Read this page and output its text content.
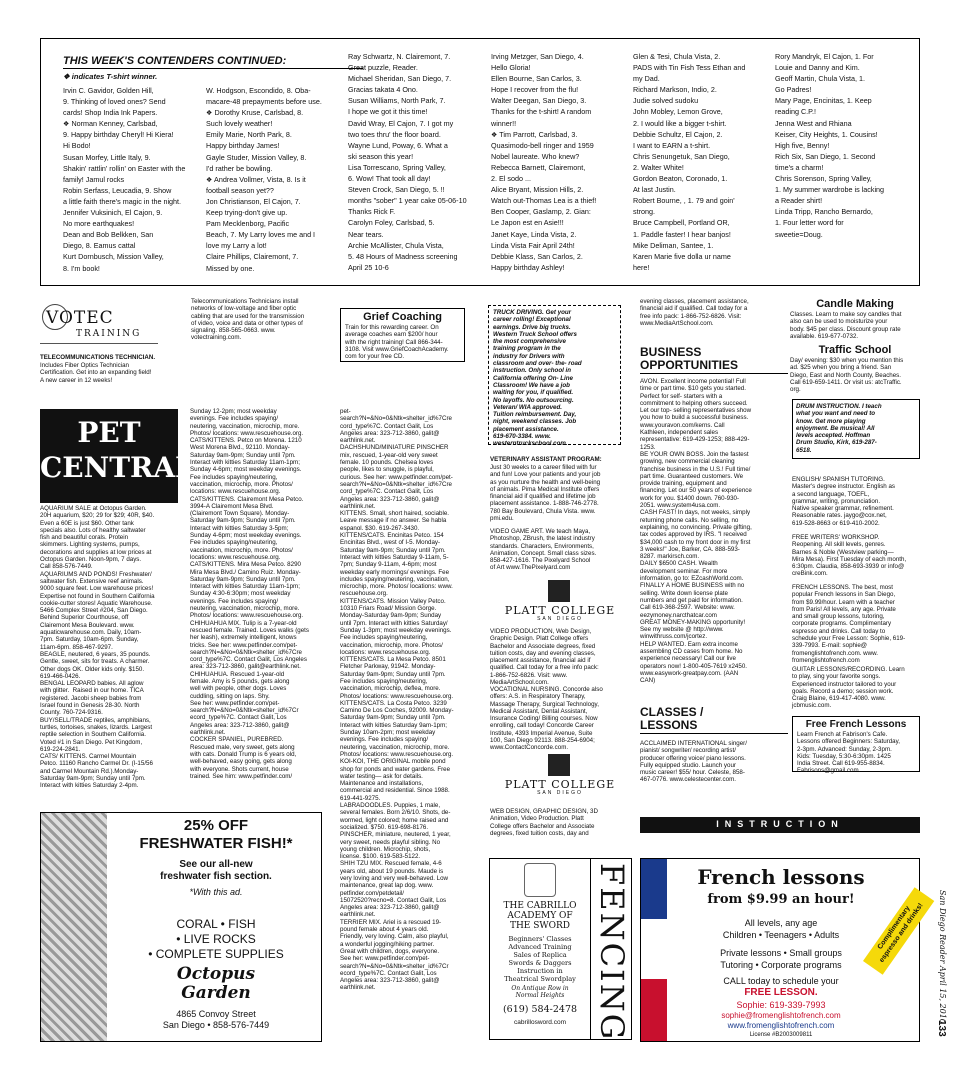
THIS WEEK'S CONTENDERS CONTINUED:
❖ indicates T-shirt winner.
Irvin C. Gavidor, Golden Hill,
9. Thinking of loved ones? Send
cards! Shop India Ink Papers.
❖ Norman Kenney, Carlsbad,
9. Happy birthday Cheryl! Hi Kiera!
Hi Bodo!
Susan Morfey, Little Italy, 9.
Shakin' rattlin' rollin' on Easter with the
family! Jamul rocks
Robin Serfass, Leucadia, 9. Show
a little faith there's magic in the night.
Jennifer Vuksinich, El Cajon, 9.
No more earthquakes!
Dean and Bob Belkken, San
Diego, 8. Eamus cattal
Kurt Dornbusch, Mission Valley,
8. I'm book!
W. Hodgson, Escondido, 8. Oba-
macare-48 prepayments before use.
❖ Dorothy Kruse, Carlsbad, 8.
Such lovely weather!
Emily Marie, North Park, 8.
Happy birthday James!
Gayle Studer, Mission Valley, 8.
I'd rather be bowling.
❖ Andrea Vollmer, Vista, 8. Is it
football season yet??
Jon Christianson, El Cajon, 7.
Keep trying-don't give up.
Pam Mecklenborg, Pacific
Beach, 7. My Larry loves me and I
love my Larry a lot!
Claire Phillips, Clairemont, 7.
Missed by one.
Ray Schwartz, N. Clairemont, 7.
Great puzzle, Reader.
Michael Sheridan, San Diego, 7.
Gracias takata 4 Ono.
Susan Williams, North Park, 7.
I hope we got it this time!
David Wray, El Cajon, 7. I got my
two toes thru' the floor board.
Wayne Lund, Poway, 6. What a
ski season this year!
Lisa Torrescano, Spring Valley,
6. Wow! That took all day!
Steven Crock, San Diego, 5. !!
months "sober" 1 year cake 05-06-10
Thanks Rick F.
Carolyn Foley, Carlsbad, 5.
Near tears.
Archie McAllister, Chula Vista,
5. 48 Hours of Madness screening
April 25 10-6
Irving Metzger, San Diego, 4.
Hello Gloria!
Ellen Bourne, San Carlos, 3.
Hope I recover from the flu!
Walter Deegan, San Diego, 3.
Thanks for the t-shirt! A random
winner!!
❖ Tim Parrott, Carlsbad, 3.
Quasimodo-bell ringer and 1959
Nobel laureate. Who knew?
Rebecca Barnett, Clairemont,
2. El sodo ...
Alice Bryant, Mission Hills, 2.
Watch out-Thomas Lea is a thief!
Ben Cooper, Gaslamp, 2. Gian:
Le Japon est en Asie!!!
Janet Kaye, Linda Vista, 2.
Linda Vista Fair April 24th!
Debbie Klass, San Carlos, 2.
Happy birthday Ashley!
Glen & Tesi, Chula Vista, 2.
PADS with Tin Fish Tess Ethan and
my Dad.
Richard Markson, Indio, 2.
Judie solved sudoku
John Mobley, Lemon Grove,
2. I would like a bigger t-shirt.
Debbie Schultz, El Cajon, 2.
I want to EARN a t-shirt.
Chris Senungetuk, San Diego,
2. Walter White!
Gordon Beaton, Coronado, 1.
At last Justin.
Robert Bourne, , 1. 79 and goin'
strong.
Bruce Campbell, Portland OR,
1. Paddle faster! I hear banjos!
Mike Deliman, Santee, 1.
Karen Marie five dolla ur name
here!
Rory Mandryk, El Cajon, 1. For
Louie and Danny and Kim.
Geoff Martin, Chula Vista, 1.
Go Padres!
Mary Page, Encinitas, 1. Keep
reading C.P.!
Jenna West and Rhiana
Keiser, City Heights, 1. Cousins!
High five, Benny!
Rich Six, San Diego, 1. Second
time's a charm!
Chris Sorenson, Spring Valley,
1. My summer wardrobe is lacking
a Reader shirt!
Linda Tripp, Rancho Bernardo,
1. Four letter word for
sweetie=Doug.
VOTEC
TRAINING
TELECOMMUNICATIONS TECHNICIAN.
Includes Fiber Optics Technician
Certification. Get into an expanding field!
A new career in 12 weeks!
Telecommunications Technicians install
networks of low-voltage and fiber optic
cabling that are used for the transmission
of video, voice and data or other types of
signaling. 858-565-0663. www.
votectraining.com.
Grief Coaching
Train for this rewarding career. On
average coaches earn $200/ hour
with the right training! Call 866-344-
3108. Visit www.GriefCoachAcademy.
com for your free CD.
TRUCK DRIVING. Get your
career rolling! Exceptional
earnings. Drive big trucks.
Western Truck School offers
the most comprehensive
training program in the
industry for Drivers with
classroom and over- the- road
instruction. Only school in
California offering On- Line
Classroom! We have a job
waiting for you, if qualified.
No layoffs. No outsourcing.
Veteran/ WIA approved.
Tuition reimbursement. Day,
night, weekend classes. Job
placement assistance.
619-670-3384. www.
westerntruckschool.com.
evening classes, placement assistance,
financial aid if qualified. Call today for a
free info pack: 1-866-752-6826. Visit:
www.MediaArtSchool.com.
Candle Making
Classes. Learn to make soy candles that
also can be used to moisturize your
body. $45 per class. Discount group rate
available. 619-677-0732.
Traffic School
Day/ evening: $30 when you mention this
ad. $25 when you bring a friend. San
Diego, East and North County, Beaches.
Call 619-659-1411. Or visit us: atcTraffic.
org.
PET
CENTRAL
AQUARIUM SALE at Octopus Garden.
20H aquarium, $20; 29 for $29; 40R, $40.
Even a 60E is just $60. Other tank
specials also. Lots of healthy saltwater
fish and beautiful corals. Protein
skimmers. Lighting systems, pumps,
decorations and supplies at low prices at
Octopus Garden. Noon-9pm, 7 days.
Call 858-576-7449.
AQUARIUMS AND PONDS! Freshwater/
saltwater fish. Extensive reef animals.
9000 square feet. Low warehouse prices!
Expertise not found in Southern California
cookie-cutter stores! Aquatic Warehouse.
5466 Complex Street #204, San Diego.
Behind Superior Courthouse, off
Clairemont Mesa Boulevard. www.
aquaticwarehouse.com. Daily, 10am-
7pm. Saturday, 10am-6pm. Sunday,
11am-6pm. 858-467-9297.
BEAGLE, neutered, 6 years, 35 pounds.
Gentle, sweet, sits for treats. A charmer.
Other dogs OK. Older kids only. $150.
619-466-0426.
BENGAL LEOPARD babies. All aglow
with glitter.  Raised in our home. TICA
registered. Jacobi sheep babies from
Israel found in Genesis 28-30. North
County. 760-724-9316.
BUY/SELL/TRADE reptiles, amphibians,
turtles, tortoises, snakes, lizards. Largest
reptile selection in Southern California.
Voted #1 in San Diego. Pet Kingdom,
619-224-2841.
CATS/ KITTENS. Carmel Mountain
Petco. 11160 Rancho Carmel Dr. (I-15/56
and Carmel Mountain Rd.).Monday-
Saturday 9am-9pm; Sunday until 7pm.
Interact with kitties Saturday 2-4pm.
Sunday 12-2pm; most weekday
evenings. Fee includes spaying/
neutering, vaccination, microchip, more.
Photos/ locations: www.rescuehouse.org.
CATS/KITTENS. Petco on Morena. 1210
West Morena Blvd., 92110. Monday-
Saturday 9am-9pm; Sunday until 7pm.
Interact with kitties Saturday 11am-1pm;
Sunday 4-6pm; most weekday evenings.
Fee includes spaying/neutering,
vaccination, microchip, more. Photos/
locations: www.rescuehouse.org.
CATS/KITTENS. Clairemont Mesa Petco.
3994-A Clairemont Mesa Blvd.
(Clairemont Town Square). Monday-
Saturday 9am-9pm; Sunday until 7pm.
Interact with kitties Saturday 3-5pm;
Sunday 4-6pm; most weekday evenings.
Fee includes spaying/neutering,
vaccination, microchip, more. Photos/
locations: www.rescuehouse.org.
CATS/KITTENS. Mira Mesa Petco. 8290
Mira Mesa Blvd./ Camino Ruiz. Monday-
Saturday 9am-9pm; Sunday until 7pm.
Interact with kitties Saturday 11am-1pm;
Sunday 4:30-6:30pm; most weekday
evenings. Fee includes spaying/
neutering, vaccination, microchip, more.
Photos/ locations: www.rescuehouse.org.
CHIHUAHUA MIX. Tulip is a 7-year-old
rescued female. Trained. Loves walks (gets
her leash), extremely intelligent, knows
tricks. See her: www.petfinder.com/pet-
search?N=&No=0&Ntk=shelter_id%7Cre
cord_type%7C. Contact Galit, Los Angeles
area: 323-712-3860, galit@earthlink.net.
CHIHUAHUA. Rescued 1-year-old
female. Amy is 5 pounds, gets along
well with people, other dogs. Loves
cuddling, sitting on laps. Shy.
See her: www.petfinder.com/pet-
search?N=&No=0&Ntk=shelter_id%7Cr
ecord_type%7C. Contact Galit, Los
Angeles area: 323-712-3860, galit@
earthlink.net.
COCKER SPANIEL, PUREBRED.
Rescued male, very sweet, gets along
with cats. Donald Trump is 6 years old,
well-behaved, easy going, gets along
with everyone. Shots current, house
trained. See him: www.petfinder.com/
pet-
search?N=&No=0&Ntk=shelter_id%7Cre
cord_type%7C. Contact Galit, Los
Angeles area: 323-712-3860, galit@
earthlink.net.
DACHSHUND/MINIATURE PINSCHER
mix, rescued, 1-year-old very sweet
female. 10 pounds. Chelsea loves
people, likes to snuggle, is playful,
curious. See her: www.petfinder.com/pet-
search?N=&No=0&Ntk=shelter_id%7Cre
cord_type%7C. Contact Galit, Los
Angeles area: 323-712-3860, galit@
earthlink.net.
KITTENS. Small, short haired, sociable.
Leave message if no answer. Se habla
espanol. $30. 619-267-3430.
KITTENS/CATS. Encinitas Petco. 154
Encinitas Blvd., west of I-5. Monday-
Saturday 9am-9pm; Sunday until 7pm.
Interact with kitties Saturday 9-11am, 5-
7pm; Sunday 9-11am, 4-6pm; most
weekday early mornings/ evenings. Fee
includes spaying/neutering, vaccination,
microchip, more. Photos/ locations: www.
rescuehouse.org.
KITTENS/CATS. Mission Valley Petco.
10310 Friars Road/ Mission Gorge.
Monday-Saturday 9am-9pm; Sunday
until 7pm. Interact with kitties Saturday/
Sunday 1-3pm; most weekday evenings.
Fee includes spaying/neutering,
vaccination, microchip, more. Photos/
locations: www.rescuehouse.org.
KITTENS/CATS. La Mesa Petco. 8501
Fletcher Parkway, 91942. Monday-
Saturday 9am-9pm; Sunday until 7pm.
Fee includes spaying/neutering,
vaccination, microchip, deflea, more.
Photos/ locations: www.rescuehouse.org.
KITTENS/CATS. La Costa Petco. 3239
Camino De Los Coches, 92009. Monday-
Saturday 9am-9pm; Sunday until 7pm.
Interact with kitties Saturday 9am-1pm;
Sunday 10am-2pm; most weekday
evenings. Fee includes spaying/
neutering, vaccination, microchip, more.
Photos/ locations: www.rescuehouse.org.
KOI-KOI, THE ORIGINAL mobile pond
shop for ponds and water gardens. Free
water testing— ask for details.
Maintenance and installations,
commercial and residential. Since 1988.
619-441-9275.
LABRADOODLES. Puppies, 1 male,
several females. Born 2/6/10. Shots, de-
wormed, light colored; home raised and
socialized. $750. 619-698-8176.
PINSCHER, miniature, neutered, 1 year,
very sweet, needs playful sibling. No
young children. Microchip, shots,
license. $100. 619-583-5122.
SHIH TZU MIX. Rescued female, 4-6
years old, about 19 pounds. Maude is
very loving and very well-behaved. Low
maintenance, great lap dog. www.
petfinder.com/petdetail/
15072520?recno=8. Contact Galit, Los
Angeles area: 323-712-3860, galit@
earthlink.net.
TERRIER MIX. Ariel is a rescued 19-
pound female about 4 years old.
Friendly, very loving. Calm, also playful,
a wonderful jogging/hiking partner.
Great with children, dogs, everyone.
See her: www.petfinder.com/pet-
search?N=&No=0&Ntk=shelter_id%7Cr
ecord_type%7C. Contact Galit, Los
Angeles area: 323-712-3860, galit@
earthlink.net.
25% OFF
FRESHWATER FISH!*
See our all-new
freshwater fish section.
*With this ad.
CORAL • FISH
• LIVE ROCKS
• COMPLETE SUPPLIES
Octopus
Garden
4865 Convoy Street
San Diego • 858-576-7449
VETERINARY ASSISTANT PROGRAM:
Just 30 weeks to a career filled with fur
and fun! Love your patients and your job
as you nurture the health and well-being
of animals. Pima Medical Institute offers
financial aid if qualified and lifetime job
placement assistance. 1-888-746-2778.
780 Bay Boulevard, Chula Vista. www.
pmi.edu.
VIDEO GAME ART. We teach Maya,
Photoshop, ZBrush, the latest industry
standards. Characters, Environments,
Animation, Concept. Small class sizes.
858-427-1616. The Pixelyard School
of Art www.ThePixelyard.com
PLATT COLLEGE
SAN DIEGO
VIDEO PRODUCTION, Web Design,
Graphic Design. Platt College offers
Bachelor and Associate degrees, fixed
tuition costs, day and evening classes,
placement assistance, financial aid if
qualified. Call today for a free info pack:
1-866-752-6826. Visit: www.
MediaArtSchool.com.
VOCATIONAL NURSING. Concorde also
offers: A.S. in Respiratory Therapy,
Massage Therapy, Surgical Technology,
Medical Assistant, Dental Assistant,
Insurance Coding/ Billing courses. Now
enrolling, call today! Concorde Career
Institute, 4393 Imperial Avenue, Suite
100, San Diego 92113. 888-254-6904;
www.ContactConcorde.com.
PLATT COLLEGE
SAN DIEGO
WEB DESIGN, GRAPHIC DESIGN, 3D
Animation, Video Production. Platt
College offers Bachelor and Associate
degrees, fixed tuition costs, day and
THE CABRILLO
ACADEMY OF
THE SWORD
Beginners' Classes
Advanced Training
Sales of Replica
Swords & Daggers
Instruction in
Theatrical Swordplay
On Antique Row in
Normal Heights
(619) 584-2478
cabrillosword.com FENCING
BUSINESS
OPPORTUNITIES
AVON. Excellent income potential! Full
time or part time. $10 gets you started.
Perfect for self- starters with a
commitment to helping others succeed.
Let our top- selling representatives show
you how to build a successful business.
www.youravon.com/kerns. Call
Kathleen, independent sales
representative: 619-429-1253; 888-429-
1253.
BE YOUR OWN BOSS. Join the fastest
growing, new commercial cleaning
franchise business in the U.S.! Full time/
part time. Guaranteed customers. We
provide training, equipment and
financing. Let our 50 years of experience
work for you. $1400 down. 760-930-
2051. www.system4usa.com.
CASH FAST! In days, not weeks, simply
returning phone calls. No selling, no
explaining, no convincing. Private gifting,
tax codes approved by IRS. "I received
$34,000 cash to my front door in my first
3 weeks!" Joe, Barker, CA. 888-593-
8287. markirsch.com.
DAILY $6500 CASH. Wealth
development seminar. For more
information, go to: EZcashWorld.com.
FINALLY A HOME BUSINESS with no
selling. Write down license plate
numbers and get paid for information.
Call 619-368-2597. Website: www.
eezymoney.narcthatcar.com
GREAT MONEY-MAKING opportunity!
See my website @ http://www.
winwithruss.com/jcortez.
HELP WANTED. Earn extra income
assembling CD cases from home. No
experience necessary! Call our live
operators now! 1-800-405-7619 x2450.
www.easywork-greatpay.com. (AAN
CAN)
CLASSES /
LESSONS
ACCLAIMED INTERNATIONAL singer/
pianist/ songwriter/ recording artist/
producer offering voice/ piano lessons.
Fully equipped studio. Launch your
music career! $55/ hour. Celeste, 858-
467-0776. www.celestecenter.com.
DRUM INSTRUCTION. I teach
what you want and need to
know. Get more playing
enjoyment. Be musical! All
levels accepted. Hoffman
Drum Studio, Kirk, 619-287-
6518.
ENGLISH/ SPANISH TUTORING.
Master's degree instructor. English as
a second language, TOEFL,
grammar, writing, pronunciation.
Native speaker grammar, refinement.
Reasonable rates. jaygo@cox.net,
619-528-8663 or 619-410-2002.
FREE WRITERS' WORKSHOP.
Reopening. All skill levels, genres.
Barnes & Noble (Westview parking—
Mira Mesa). First Tuesday of each month,
6:30pm. Claudia, 858-693-3939 or info@
creBink.com.
FRENCH LESSONS. The best, most
popular French lessons in San Diego,
from $9.99/hour. Learn with a teacher
from Paris! All levels, any age. Private
and small group lessons, tutoring,
corporate programs. Complimentary
espresso and drinks. Call today to
schedule your Free Lesson: Sophie, 619-
339-7993. E-mail: sophie@
fromenglishtofrench.com. www.
fromenglishtofrench.com
GUITAR LESSONS/RECORDING. Learn
to play, sing your favorite songs.
Experienced instructor tailored to your
goals. Record a demo; session work.
Craig Blaine, 619-417-4080. www.
jcbmusic.com.
Free French Lessons
Learn French at Fabrison's Cafe.
Lessons offered Beginners: Saturday,
2-3pm. Advanced: Sunday, 2-3pm.
Kids: Tuesday, 5:30-6:30pm. 1425
India Street. Call 619-955-8834.
Fabrisons@gmail.com.
INSTRUCTION
French lessons
from $9.99 an hour!
All levels, any age
Children • Teenagers • Adults
Private lessons • Small groups
Tutoring • Corporate programs
CALL today to schedule your
FREE LESSON.
Sophie: 619-339-7993
sophie@fromenglishtofrench.com
www.fromenglishtofrench.com
License #B2003009811
Complimentary
espresso and drinks!	San Diego Reader April 15, 2010
133
